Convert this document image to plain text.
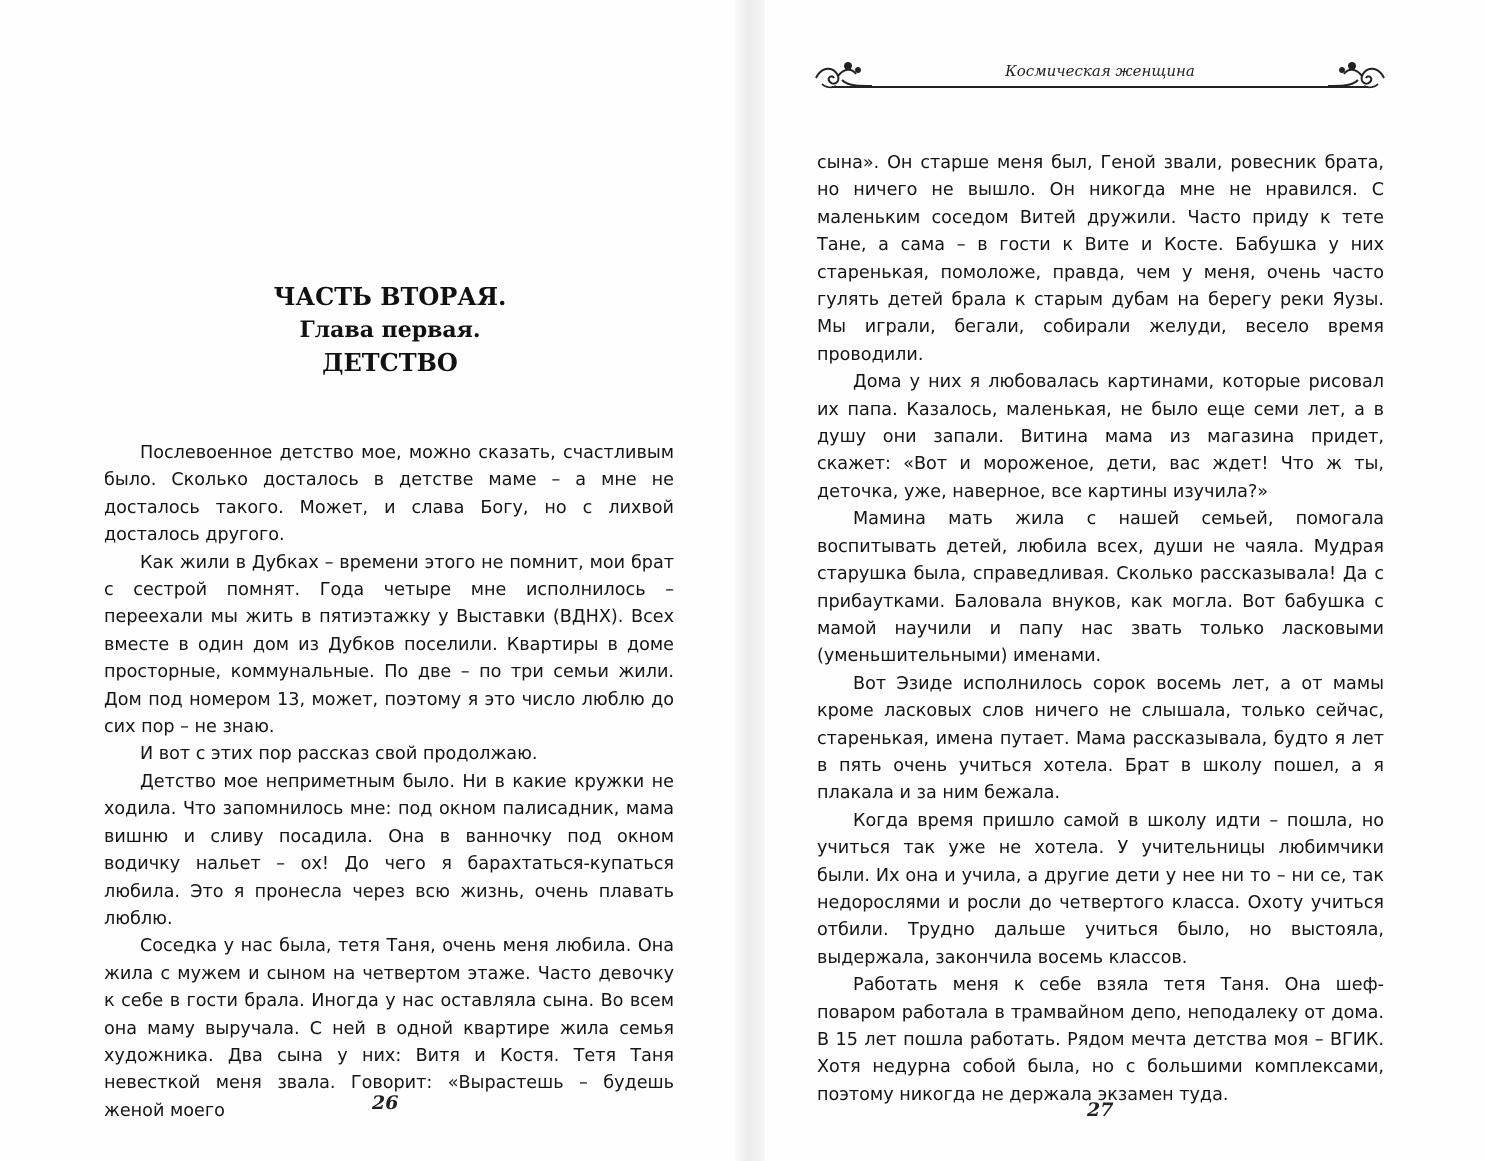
ЧАСТЬ ВТОРАЯ.
Глава первая.
ДЕТСТВО

Послевоенное детство мое, можно сказать, счастливым было. Сколько досталось в детстве маме – а мне не досталось такого. Может, и слава Богу, но с лихвой досталось другого.

Как жили в Дубках – времени этого не помнит, мои брат с сестрой помнят. Года четыре мне исполнилось – переехали мы жить в пятиэтажку у Выставки (ВДНХ). Всех вместе в один дом из Дубков поселили. Квартиры в доме просторные, коммунальные. По две – по три семьи жили. Дом под номером 13, может, поэтому я это число люблю до сих пор – не знаю.

И вот с этих пор рассказ свой продолжаю.

Детство мое неприметным было. Ни в какие кружки не ходила. Что запомнилось мне: под окном палисадник, мама вишню и сливу посадила. Она в ванночку под окном водичку нальет – ох! До чего я барахтаться-купаться любила. Это я пронесла через всю жизнь, очень плавать люблю.

Соседка у нас была, тетя Таня, очень меня любила. Она жила с мужем и сыном на четвертом этаже. Часто девочку к себе в гости брала. Иногда у нас оставляла сына. Во всем она маму выручала. С ней в одной квартире жила семья художника. Два сына у них: Витя и Костя. Тетя Таня невесткой меня звала. Говорит: «Вырастешь – будешь женой моего	26
Космическая женщина

сына». Он старше меня был, Геной звали, ровесник брата, но ничего не вышло. Он никогда мне не нравился. С маленьким соседом Витей дружили. Часто приду к тете Тане, а сама – в гости к Вите и Косте. Бабушка у них старенькая, помоложе, правда, чем у меня, очень часто гулять детей брала к старым дубам на берегу реки Яузы. Мы играли, бегали, собирали желуди, весело время проводили.

Дома у них я любовалась картинами, которые рисовал их папа. Казалось, маленькая, не было еще семи лет, а в душу они запали. Витина мама из магазина придет, скажет: «Вот и мороженое, дети, вас ждет! Что ж ты, деточка, уже, наверное, все картины изучила?»

Мамина мать жила с нашей семьей, помогала воспитывать детей, любила всех, души не чаяла. Мудрая старушка была, справедливая. Сколько рассказывала! Да с прибаутками. Баловала внуков, как могла. Вот бабушка с мамой научили и папу нас звать только ласковыми (уменьшительными) именами.

Вот Эзиде исполнилось сорок восемь лет, а от мамы кроме ласковых слов ничего не слышала, только сейчас, старенькая, имена путает. Мама рассказывала, будто я лет в пять очень учиться хотела. Брат в школу пошел, а я плакала и за ним бежала.

Когда время пришло самой в школу идти – пошла, но учиться так уже не хотела. У учительницы любимчики были. Их она и учила, а другие дети у нее ни то – ни се, так недорослями и росли до четвертого класса. Охоту учиться отбили. Трудно дальше учиться было, но выстояла, выдержала, закончила восемь классов.

Работать меня к себе взяла тетя Таня. Она шеф-поваром работала в трамвайном депо, неподалеку от дома. В 15 лет пошла работать. Рядом мечта детства моя – ВГИК. Хотя недурна собой была, но с большими комплексами, поэтому никогда не держала экзамен туда.

27
